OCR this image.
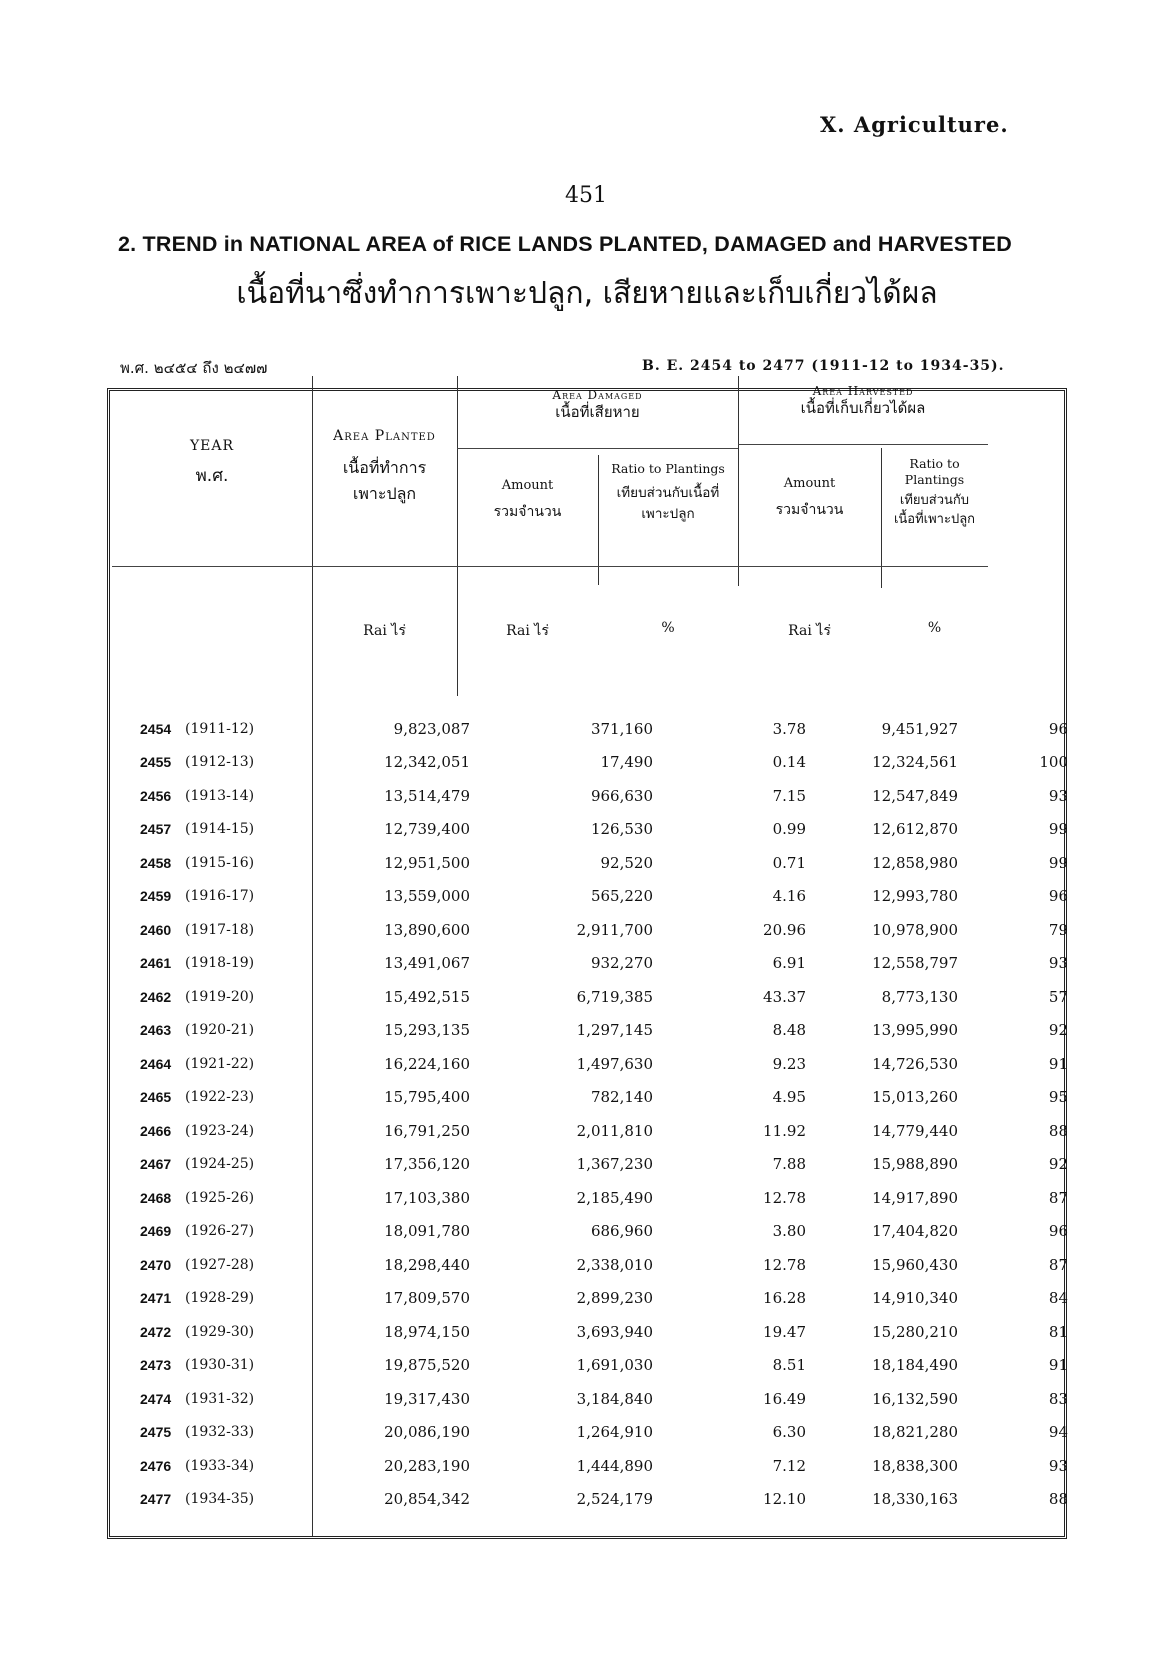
X. Agriculture.
451
2. TREND in NATIONAL AREA of RICE LANDS PLANTED, DAMAGED and HARVESTED
เนื้อที่นาซึ่งทำการเพาะปลูก, เสียหายและเก็บเกี่ยวได้ผล
พ.ศ. ๒๔๕๔ ถึง ๒๔๗๗	B. E. 2454 to 2477 (1911-12 to 1934-35).
YEAR
พ.ศ.
Area Planted
เนื้อที่ทำการ
เพาะปลูก
Area Damaged
เนื้อที่เสียหาย
Amount
รวมจำนวน
Ratio to Plantings
เทียบส่วนกับเนื้อที่
เพาะปลูก
Area Harvested
เนื้อที่เก็บเกี่ยวได้ผล
Amount
รวมจำนวน
Ratio to
Plantings
เทียบส่วนกับ
เนื้อที่เพาะปลูก
Rai ไร่	Rai ไร่	%	Rai ไร่	%
2454	(1911-12)	9,823,087	371,160	3.78	9,451,927	96
2455	(1912-13)	12,342,051	17,490	0.14	12,324,561	100
2456	(1913-14)	13,514,479	966,630	7.15	12,547,849	93
2457	(1914-15)	12,739,400	126,530	0.99	12,612,870	99
2458	(1915-16)	12,951,500	92,520	0.71	12,858,980	99
2459	(1916-17)	13,559,000	565,220	4.16	12,993,780	96
2460	(1917-18)	13,890,600	2,911,700	20.96	10,978,900	79
2461	(1918-19)	13,491,067	932,270	6.91	12,558,797	93
2462	(1919-20)	15,492,515	6,719,385	43.37	8,773,130	57
2463	(1920-21)	15,293,135	1,297,145	8.48	13,995,990	92
2464	(1921-22)	16,224,160	1,497,630	9.23	14,726,530	91
2465	(1922-23)	15,795,400	782,140	4.95	15,013,260	95
2466	(1923-24)	16,791,250	2,011,810	11.92	14,779,440	88
2467	(1924-25)	17,356,120	1,367,230	7.88	15,988,890	92
2468	(1925-26)	17,103,380	2,185,490	12.78	14,917,890	87
2469	(1926-27)	18,091,780	686,960	3.80	17,404,820	96
2470	(1927-28)	18,298,440	2,338,010	12.78	15,960,430	87
2471	(1928-29)	17,809,570	2,899,230	16.28	14,910,340	84
2472	(1929-30)	18,974,150	3,693,940	19.47	15,280,210	81
2473	(1930-31)	19,875,520	1,691,030	8.51	18,184,490	91
2474	(1931-32)	19,317,430	3,184,840	16.49	16,132,590	83
2475	(1932-33)	20,086,190	1,264,910	6.30	18,821,280	94
2476	(1933-34)	20,283,190	1,444,890	7.12	18,838,300	93
2477	(1934-35)	20,854,342	2,524,179	12.10	18,330,163	88
